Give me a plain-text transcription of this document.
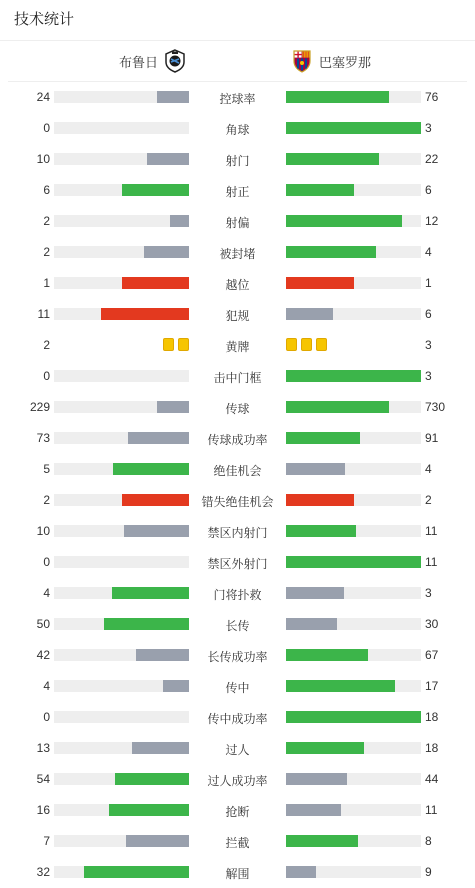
技术统计
布鲁日	巴塞罗那
24	控球率	76
0	角球	3
10	射门	22
6	射正	6
2	射偏	12
2	被封堵	4
1	越位	1
11	犯规	6
2	黄牌	3
0	击中门框	3
229	传球	730
73	传球成功率	91
5	绝佳机会	4
2	错失绝佳机会	2
10	禁区内射门	11
0	禁区外射门	11
4	门将扑救	3
50	长传	30
42	长传成功率	67
4	传中	17
0	传中成功率	18
13	过人	18
54	过人成功率	44
16	抢断	11
7	拦截	8
32	解围	9
